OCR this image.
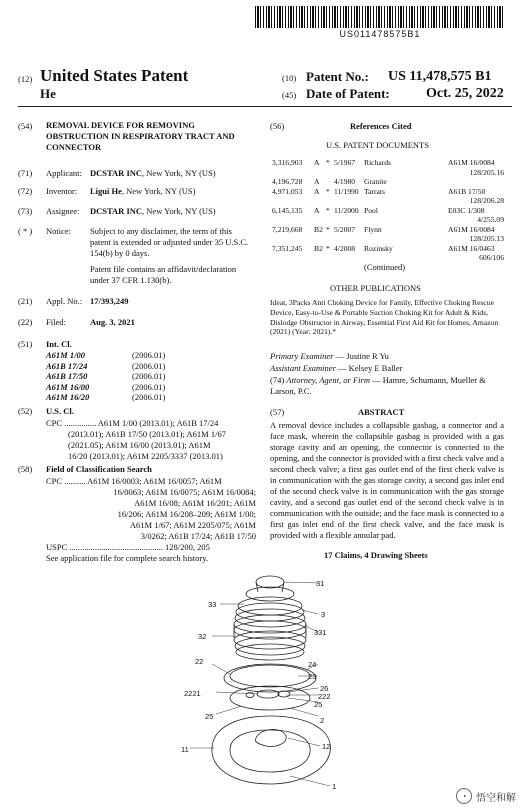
US011478575B1
(12) United States Patent
He
(10) Patent No.: US 11,478,575 B1
(45) Date of Patent:	Oct. 25, 2022
(54) REMOVAL DEVICE FOR REMOVING OBSTRUCTION IN RESPIRATORY TRACT AND CONNECTOR
(71) Applicant: DCSTAR INC, New York, NY (US)
(72) Inventor: Ligui He, New York, NY (US)
(73) Assignee: DCSTAR INC, New York, NY (US)
( * ) Notice: Subject to any disclaimer, the term of this patent is extended or adjusted under 35 U.S.C. 154(b) by 0 days.
Patent file contains an affidavit/declaration under 37 CFR 1.130(b).
(21) Appl. No.: 17/393,249
(22) Filed:	Aug. 3, 2021
(51) Int. Cl.
A61M 1/00	(2006.01)
A61B 17/24	(2006.01)
A61B 17/50	(2006.01)
A61M 16/00	(2006.01)
A61M 16/20	(2006.01)
(52) U.S. Cl.
CPC ............... A61M 1/00 (2013.01); A61B 17/24
(2013.01); A61B 17/50 (2013.01); A61M 1/67
(2021.05); A61M 16/00 (2013.01); A61M
16/20 (2013.01); A61M 2205/3337 (2013.01)
(58) Field of Classification Search
CPC .......... A61M 16/0003; A61M 16/0057; A61M
16/0063; A61M 16/0075; A61M 16/0084;
A61M 16/08; A61M 16/201; A61M
16/206; A61M 16/208–209; A61M 1/00;
A61M 1/67; A61M 2205/075; A61M
3/0262; A61B 17/24; A61B 17/50
USPC ............................................ 128/200, 205
See application file for complete search history.
(56)	References Cited
U.S. PATENT DOCUMENTS
3,316,903	A * 5/1967	Richards	A61M 16/0084
128/205.16
4,196,728	A	4/1980	Granite
4,971,053	A * 11/1990 Tarrats	A61B 17/50
128/206.28
6,145,135	A * 11/2000 Pool	E03C 1/308
4/255.09
7,219,668	B2 * 5/2007	Flynn	A61M 16/0084
128/205.13
7,351,245	B2 * 4/2008	Rozinsky	A61M 16/0463
606/106
(Continued)
OTHER PUBLICATIONS
Ideat, 3Packs Anti Choking Device for Family, Effective Choking Rescue Device, Easy-to-Use & Portable Suction Choking Kit for Adult & Kids, Dislodge Obstructor in Airway, Essential First Aid Kit for Homes, Amazon (2021) (Year: 2021).*
Primary Examiner — Justine R Yu
Assistant Examiner — Kelsey E Baller
(74) Attorney, Agent, or Firm — Hamre, Schumann, Mueller & Larson, P.C.
(57)	ABSTRACT
A removal device includes a collapsible gasbag, a connector and a face mask, wherein the collapsible gasbag is provided with a gas storage cavity and an opening, the connector is connected to the opening, and the connector is provided with a first check valve and a second check valve; a first gas outlet end of the first check valve is in communication with the gas storage cavity, a second gas inlet end of the second check valve is in communication with the gas storage cavity, and a second gas outlet end of the second check valve is in communication with the outside; and the face mask is connected to a first gas inlet end of the first check valve, and the face mask is provided with a flexible annular pad.
17 Claims, 4 Drawing Sheets
31
33
3
331
32
22	24
23
2221
26
222
25
25	2
11	12
1
◔ 悟空和解
